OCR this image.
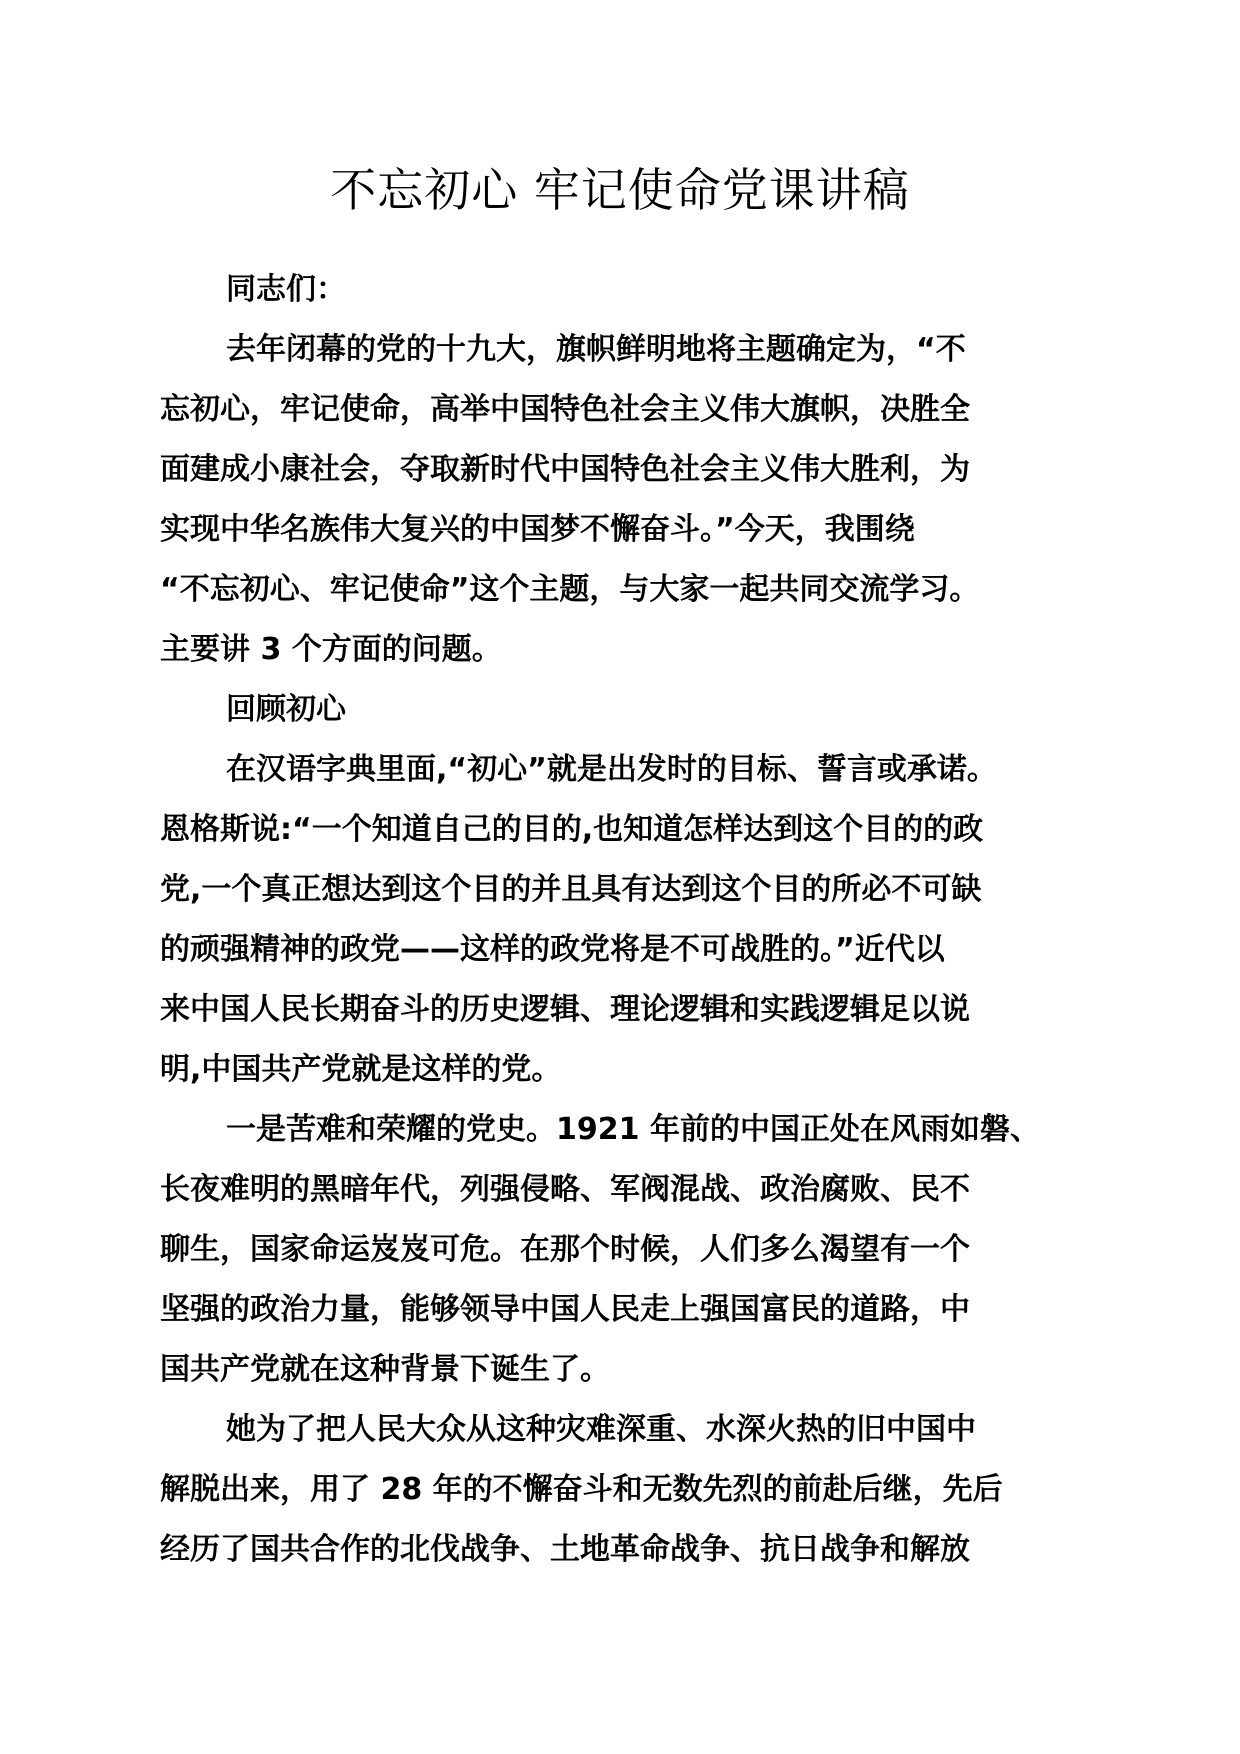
不忘初心 牢记使命党课讲稿
同志们：
去年闭幕的党的十九大，旗帜鲜明地将主题确定为，“不
忘初心，牢记使命，高举中国特色社会主义伟大旗帜，决胜全
面建成小康社会，夺取新时代中国特色社会主义伟大胜利，为
实现中华名族伟大复兴的中国梦不懈奋斗。”今天，我围绕
“不忘初心、牢记使命”这个主题，与大家一起共同交流学习。
主要讲 3 个方面的问题。
回顾初心
在汉语字典里面,“初心”就是出发时的目标、誓言或承诺。
恩格斯说:“一个知道自己的目的,也知道怎样达到这个目的的政
党,一个真正想达到这个目的并且具有达到这个目的所必不可缺
的顽强精神的政党——这样的政党将是不可战胜的。”近代以
来中国人民长期奋斗的历史逻辑、理论逻辑和实践逻辑足以说
明,中国共产党就是这样的党。
一是苦难和荣耀的党史。1921 年前的中国正处在风雨如磐、
长夜难明的黑暗年代，列强侵略、军阀混战、政治腐败、民不
聊生，国家命运岌岌可危。在那个时候，人们多么渴望有一个
坚强的政治力量，能够领导中国人民走上强国富民的道路，中
国共产党就在这种背景下诞生了。
她为了把人民大众从这种灾难深重、水深火热的旧中国中
解脱出来，用了 28 年的不懈奋斗和无数先烈的前赴后继，先后
经历了国共合作的北伐战争、土地革命战争、抗日战争和解放
